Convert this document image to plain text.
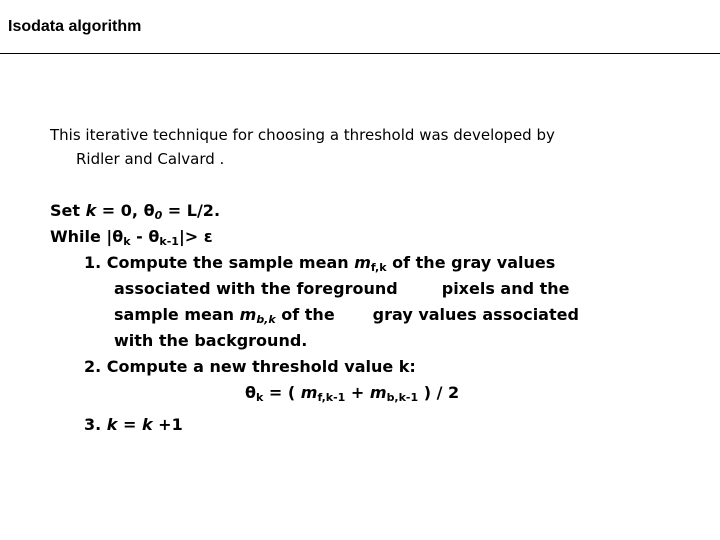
Isodata algorithm
This iterative technique for choosing a threshold was developed by
Ridler and Calvard .
Set k = 0, $\theta_0 = L/2$.
While $|\theta_k - \theta_{k-1}|> \varepsilon$
1. Compute the sample mean $m_{f,k}$ of the gray values
associated with the foreground	pixels and the
sample mean $m_{b,k}$ of the gray values associated
with the background.
2. Compute a new threshold value k:
$\theta_k$ = ( $m_{f,k-1} + m_{b,k-1}$ ) / 2
3. k = k +1
